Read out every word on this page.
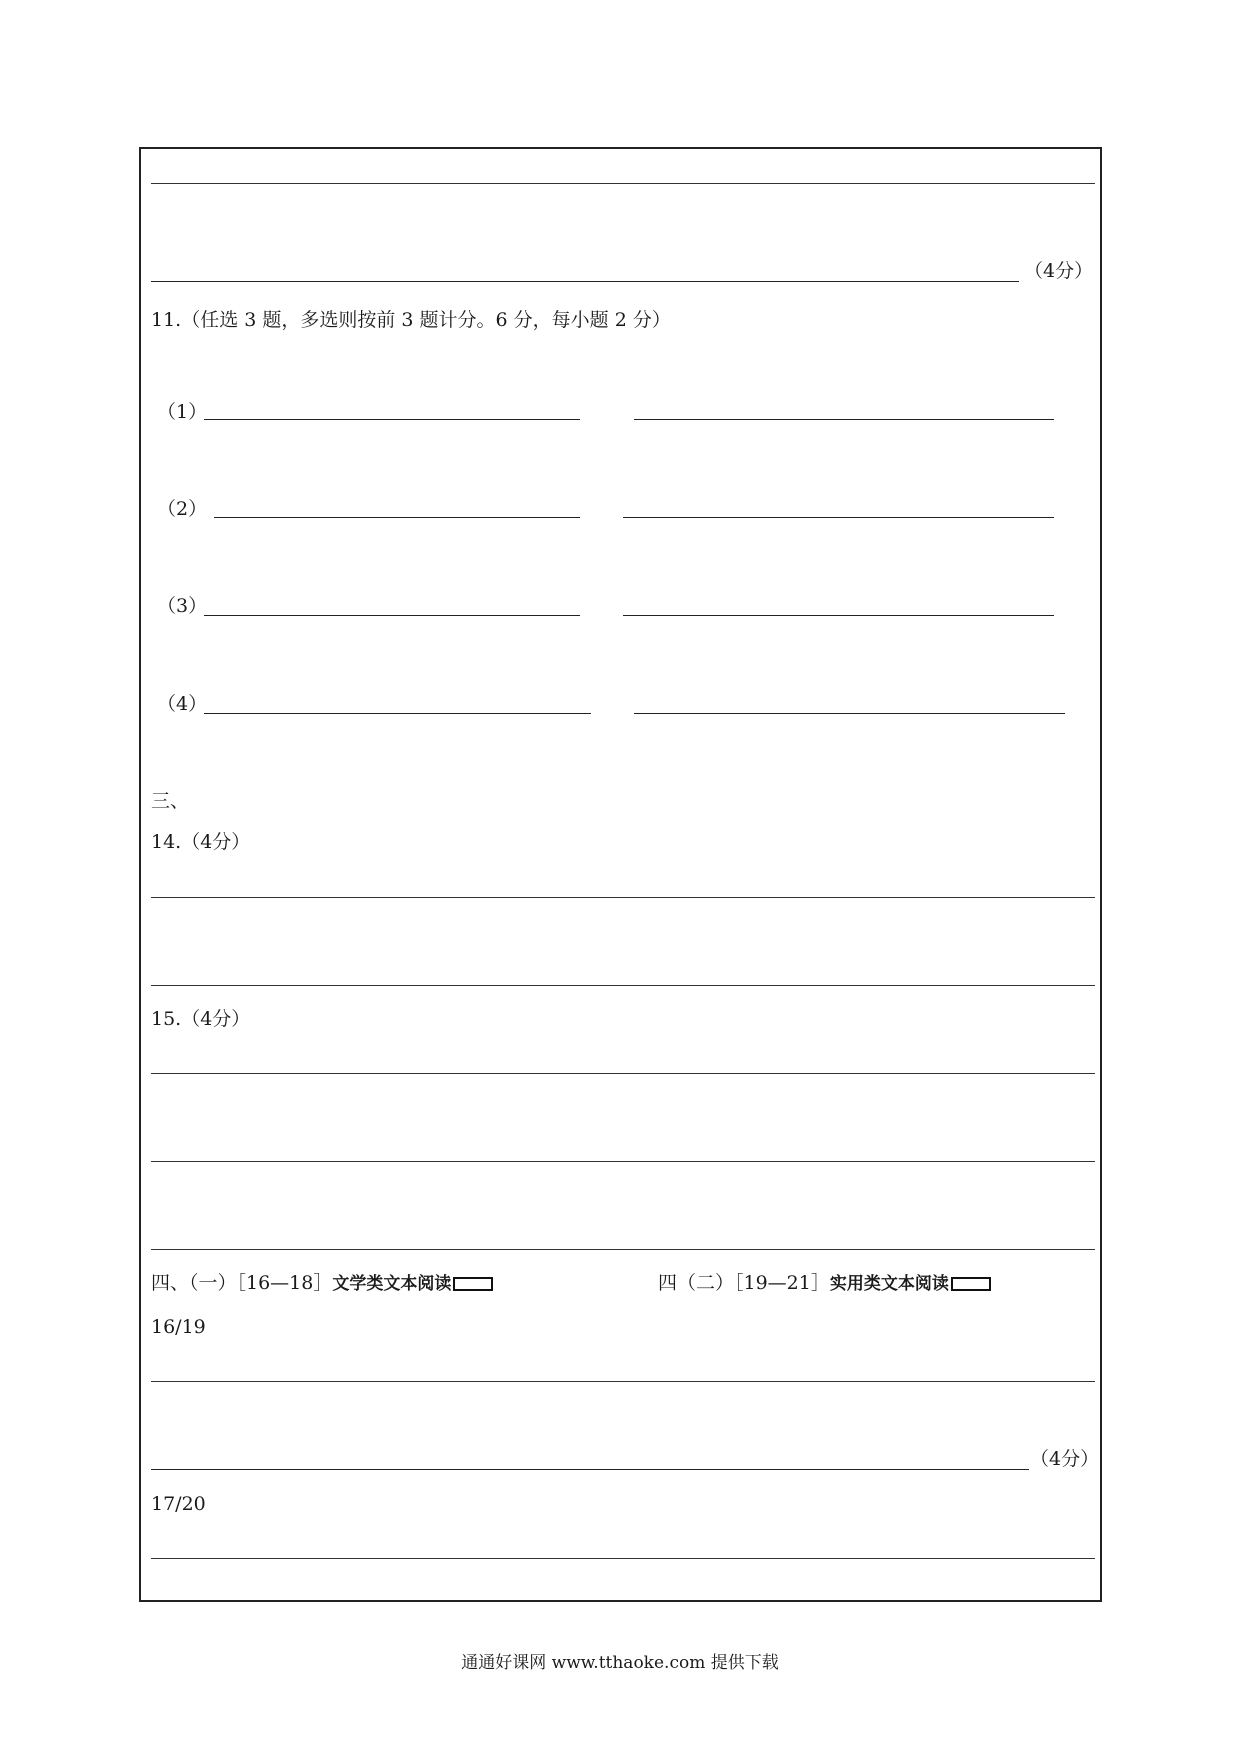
（4分）
11.（任选 3 题，多选则按前 3 题计分。6 分，每小题 2 分）
（1）
（2）
（3）
（4）
三、
14.（4分）
15.（4分）
四、（一）［16—18］文学类文本阅读	四（二）［19—21］实用类文本阅读
16/19
（4分）
17/20
通通好课网 www.tthaoke.com 提供下载
